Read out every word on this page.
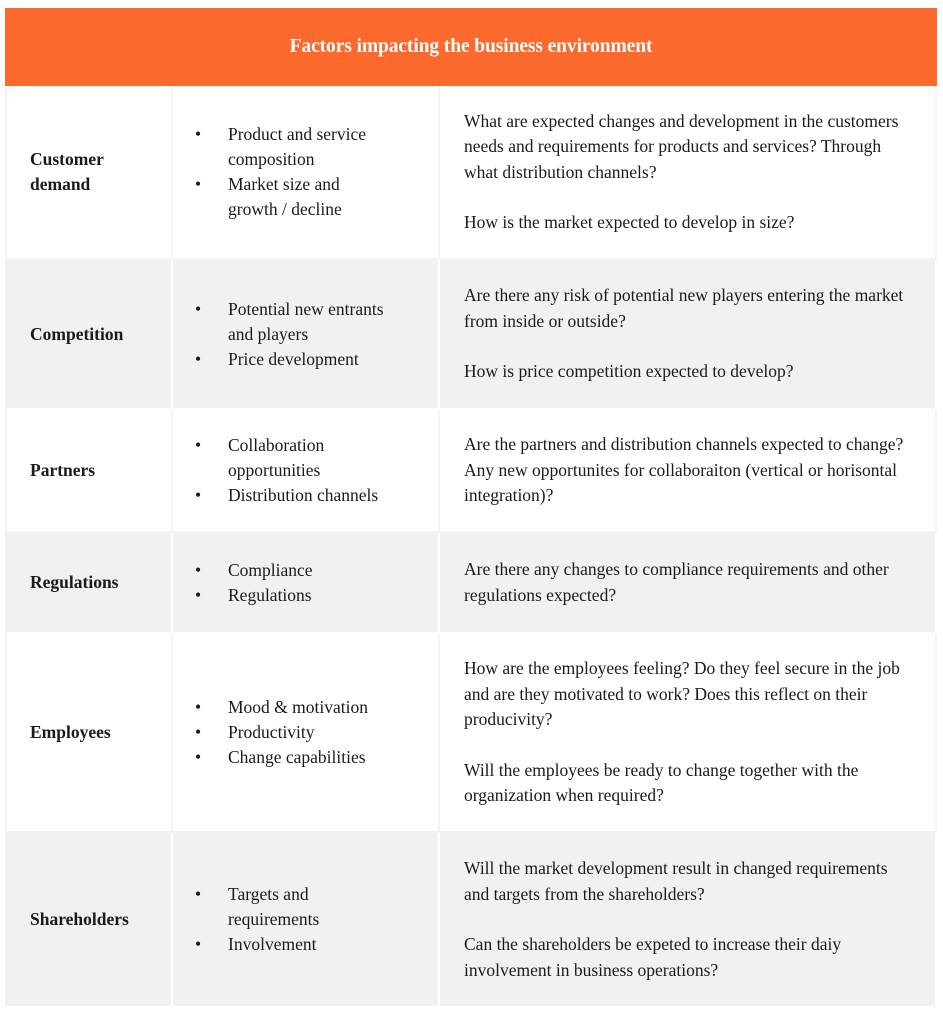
Factors impacting the business environment
Customer demand
• Product and service composition
• Market size and growth / decline
What are expected changes and development in the customers needs and requirements for products and services? Through what distribution channels?
How is the market expected to develop in size?
Competition
• Potential new entrants and players
• Price development
Are there any risk of potential new players entering the market from inside or outside?
How is price competition expected to develop?
Partners
• Collaboration opportunities
• Distribution channels
Are the partners and distribution channels expected to change? Any new opportunites for collaboraiton (vertical or horisontal integration)?
Regulations
• Compliance
• Regulations
Are there any changes to compliance requirements and other regulations expected?
Employees
• Mood & motivation
• Productivity
• Change capabilities
How are the employees feeling? Do they feel secure in the job and are they motivated to work? Does this reflect on their producivity?
Will the employees be ready to change together with the organization when required?
Shareholders
• Targets and requirements
• Involvement
Will the market development result in changed requirements and targets from the shareholders?
Can the shareholders be expeted to increase their daiy involvement in business operations?
